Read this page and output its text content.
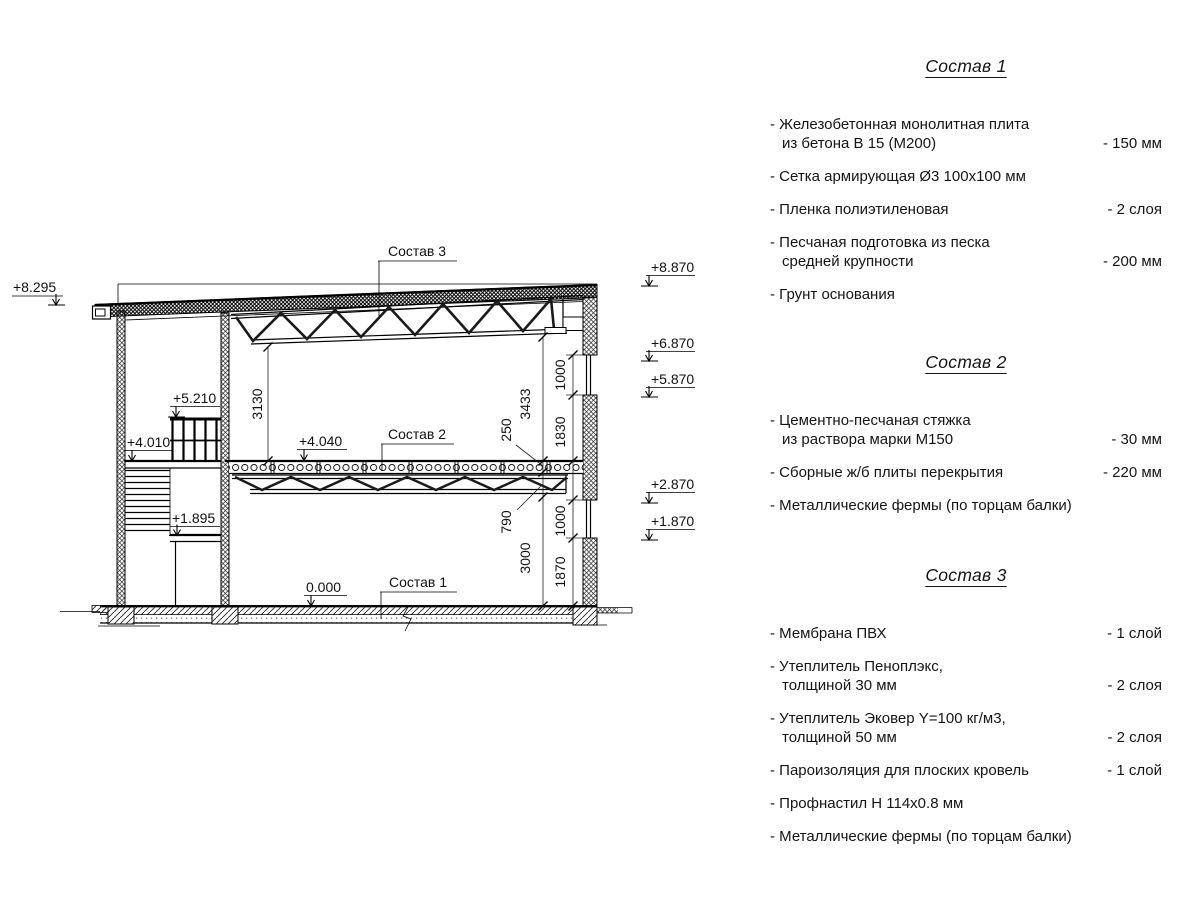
3130	3433
250
1000
1830
790
3000
1000
1870
+8.295
+8.870
+6.870
+5.870
+2.870
+1.870
+5.210
+4.010
+1.895
+4.040
0.000
Состав 3
Состав 2
Состав 1
Состав 1
- Железобетонная монолитная плита
из бетона В 15 (М200)	- 150 мм
- Сетка армирующая Ø3 100х100 мм
- Пленка полиэтиленовая	- 2 слоя
- Песчаная подготовка из песка
средней крупности	- 200 мм
- Грунт основания
Состав 2
- Цементно-песчаная стяжка
из раствора марки М150	- 30 мм
- Сборные ж/б плиты перекрытия	- 220 мм
- Металлические фермы (по торцам балки)
Состав 3
- Мембрана ПВХ	- 1 слой
- Утеплитель Пеноплэкс,
толщиной 30 мм	- 2 слоя
- Утеплитель Эковер Y=100 кг/м3,
толщиной 50 мм	- 2 слоя
- Пароизоляция для плоских кровель	- 1 слой
- Профнастил Н 114х0.8 мм
- Металлические фермы (по торцам балки)
